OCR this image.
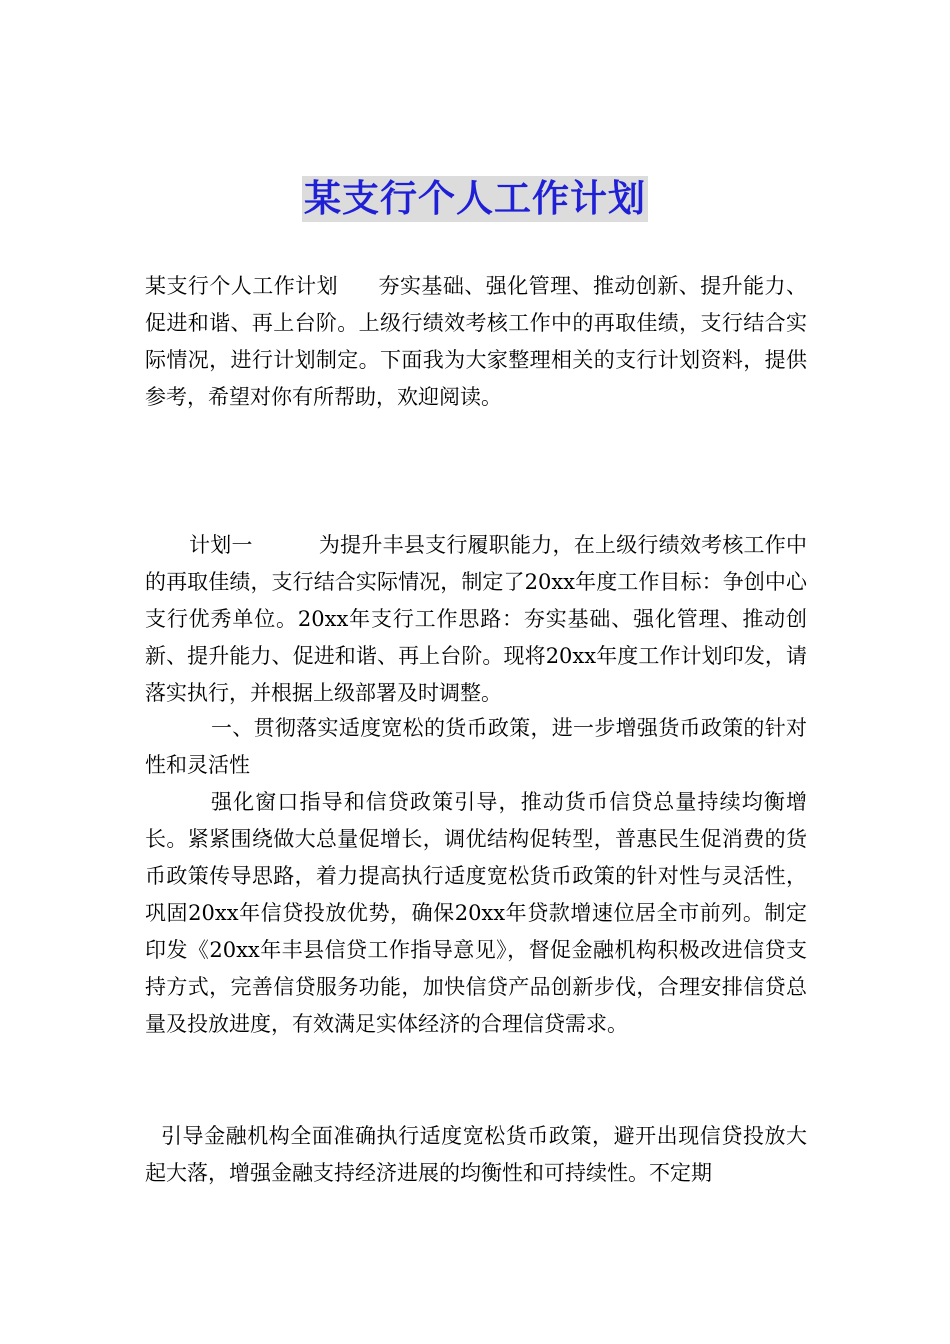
某支行个人工作计划

某支行个人工作计划 夯实基础、强化管理、推动创新、提升能力、促进和谐、再上台阶。上级行绩效考核工作中的再取佳绩，支行结合实际情况，进行计划制定。下面我为大家整理相关的支行计划资料，提供参考，希望对你有所帮助，欢迎阅读。

计划一	为提升丰县支行履职能力，在上级行绩效考核工作中的再取佳绩，支行结合实际情况，制定了20xx年度工作目标：争创中心支行优秀单位。20xx年支行工作思路：夯实基础、强化管理、推动创新、提升能力、促进和谐、再上台阶。现将20xx年度工作计划印发，请落实执行，并根据上级部署及时调整。

一、贯彻落实适度宽松的货币政策，进一步增强货币政策的针对性和灵活性

强化窗口指导和信贷政策引导，推动货币信贷总量持续均衡增长。紧紧围绕做大总量促增长，调优结构促转型，普惠民生促消费的货币政策传导思路，着力提高执行适度宽松货币政策的针对性与灵活性，巩固20xx年信贷投放优势，确保20xx年贷款增速位居全市前列。制定印发《20xx年丰县信贷工作指导意见》，督促金融机构积极改进信贷支持方式，完善信贷服务功能，加快信贷产品创新步伐，合理安排信贷总量及投放进度，有效满足实体经济的合理信贷需求。

引导金融机构全面准确执行适度宽松货币政策，避开出现信贷投放大起大落，增强金融支持经济进展的均衡性和可持续性。不定期
